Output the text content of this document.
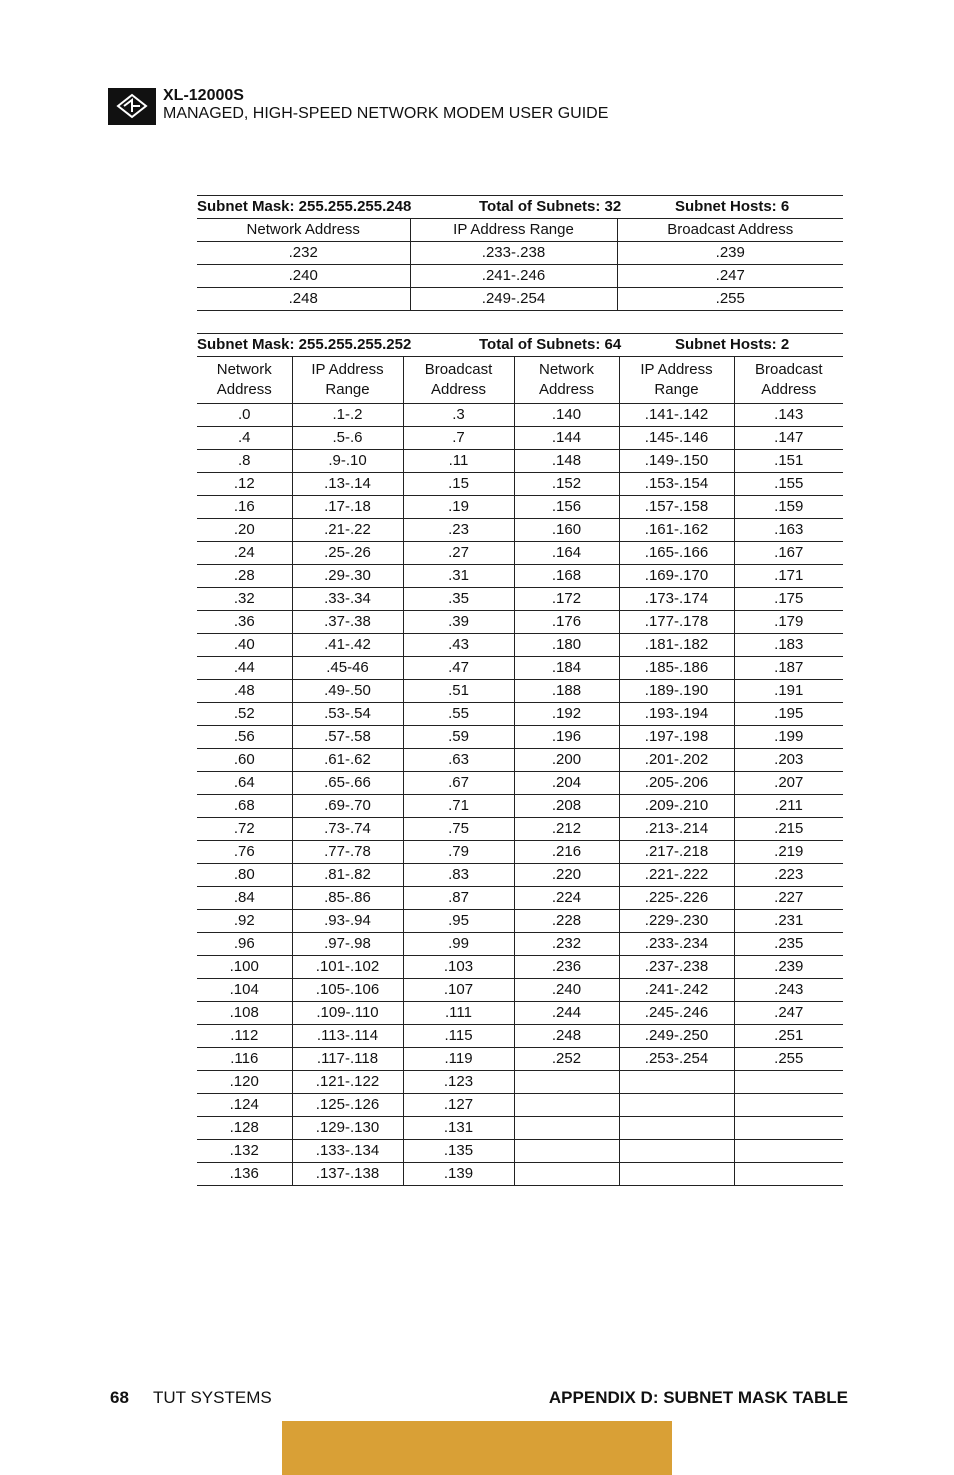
XL-12000S
MANAGED, HIGH-SPEED NETWORK MODEM USER GUIDE
Subnet Mask: 255.255.255.248 Total of Subnets: 32 Subnet Hosts: 6		

Network Address	IP Address Range	Broadcast Address
.232	.233-.238	.239
.240	.241-.246	.247
.248	.249-.254	.255
Subnet Mask: 255.255.255.252 Total of Subnets: 64 Subnet Hosts: 2					

Network Address	IP Address Range	Broadcast Address	Network Address	IP Address Range	Broadcast Address
.0	.1-.2	.3	.140	.141-.142	.143
.4	.5-.6	.7	.144	.145-.146	.147
.8	.9-.10	.11	.148	.149-.150	.151
.12	.13-.14	.15	.152	.153-.154	.155
.16	.17-.18	.19	.156	.157-.158	.159
.20	.21-.22	.23	.160	.161-.162	.163
.24	.25-.26	.27	.164	.165-.166	.167
.28	.29-.30	.31	.168	.169-.170	.171
.32	.33-.34	.35	.172	.173-.174	.175
.36	.37-.38	.39	.176	.177-.178	.179
.40	.41-.42	.43	.180	.181-.182	.183
.44	.45-46	.47	.184	.185-.186	.187
.48	.49-.50	.51	.188	.189-.190	.191
.52	.53-.54	.55	.192	.193-.194	.195
.56	.57-.58	.59	.196	.197-.198	.199
.60	.61-.62	.63	.200	.201-.202	.203
.64	.65-.66	.67	.204	.205-.206	.207
.68	.69-.70	.71	.208	.209-.210	.211
.72	.73-.74	.75	.212	.213-.214	.215
.76	.77-.78	.79	.216	.217-.218	.219
.80	.81-.82	.83	.220	.221-.222	.223
.84	.85-.86	.87	.224	.225-.226	.227
.92	.93-.94	.95	.228	.229-.230	.231
.96	.97-.98	.99	.232	.233-.234	.235
.100	.101-.102	.103	.236	.237-.238	.239
.104	.105-.106	.107	.240	.241-.242	.243
.108	.109-.110	.111	.244	.245-.246	.247
.112	.113-.114	.115	.248	.249-.250	.251
.116	.117-.118	.119	.252	.253-.254	.255
.120	.121-.122	.123			
.124	.125-.126	.127			
.128	.129-.130	.131			
.132	.133-.134	.135			
.136	.137-.138	.139			
68 TUT SYSTEMS	APPENDIX D: SUBNET MASK TABLE
